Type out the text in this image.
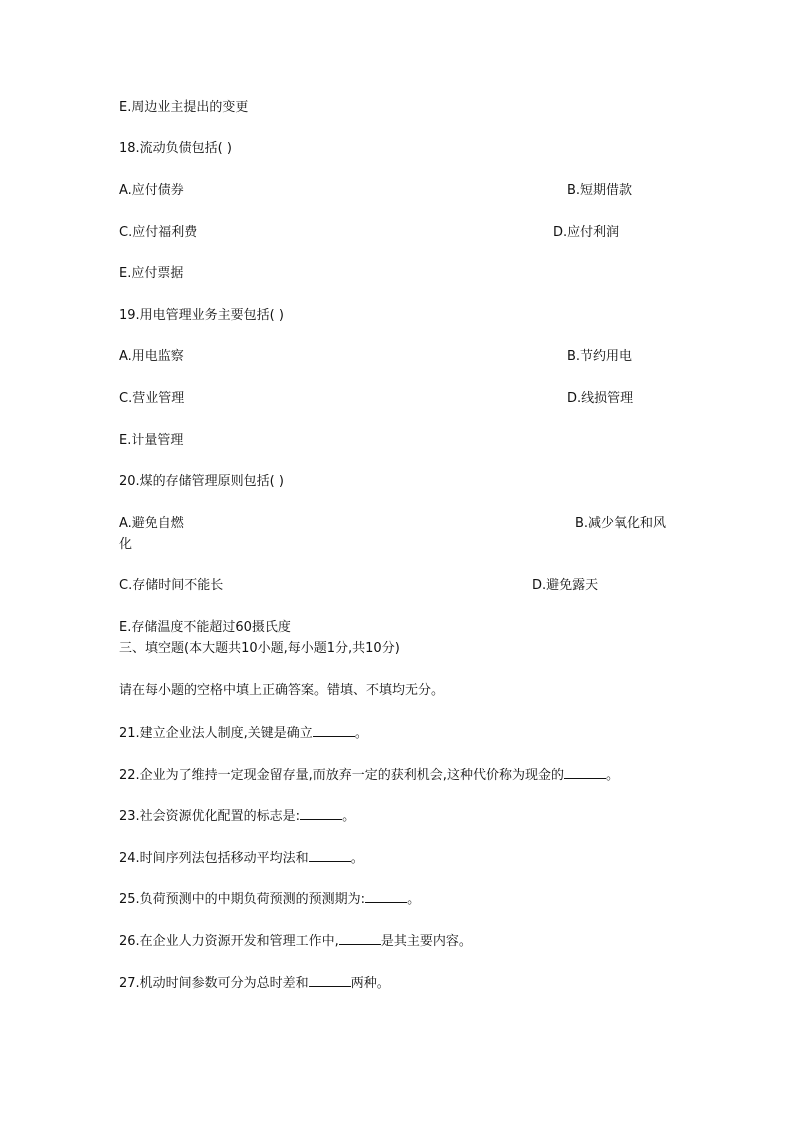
E.周边业主提出的变更
18.流动负债包括( )
A.应付债券	B.短期借款
C.应付福利费	D.应付利润
E.应付票据
19.用电管理业务主要包括( )
A.用电监察	B.节约用电
C.营业管理	D.线损管理
E.计量管理
20.煤的存储管理原则包括( )
A.避免自燃	B.减少氧化和风
化
C.存储时间不能长	D.避免露天
E.存储温度不能超过60摄氏度
三、填空题(本大题共10小题,每小题1分,共10分)
请在每小题的空格中填上正确答案。错填、不填均无分。
21.建立企业法人制度,关键是确立	。
22.企业为了维持一定现金留存量,而放弃一定的获利机会,这种代价称为现金的	。
23.社会资源优化配置的标志是:	。
24.时间序列法包括移动平均法和	。
25.负荷预测中的中期负荷预测的预测期为:	。
26.在企业人力资源开发和管理工作中,	是其主要内容。
27.机动时间参数可分为总时差和	两种。
